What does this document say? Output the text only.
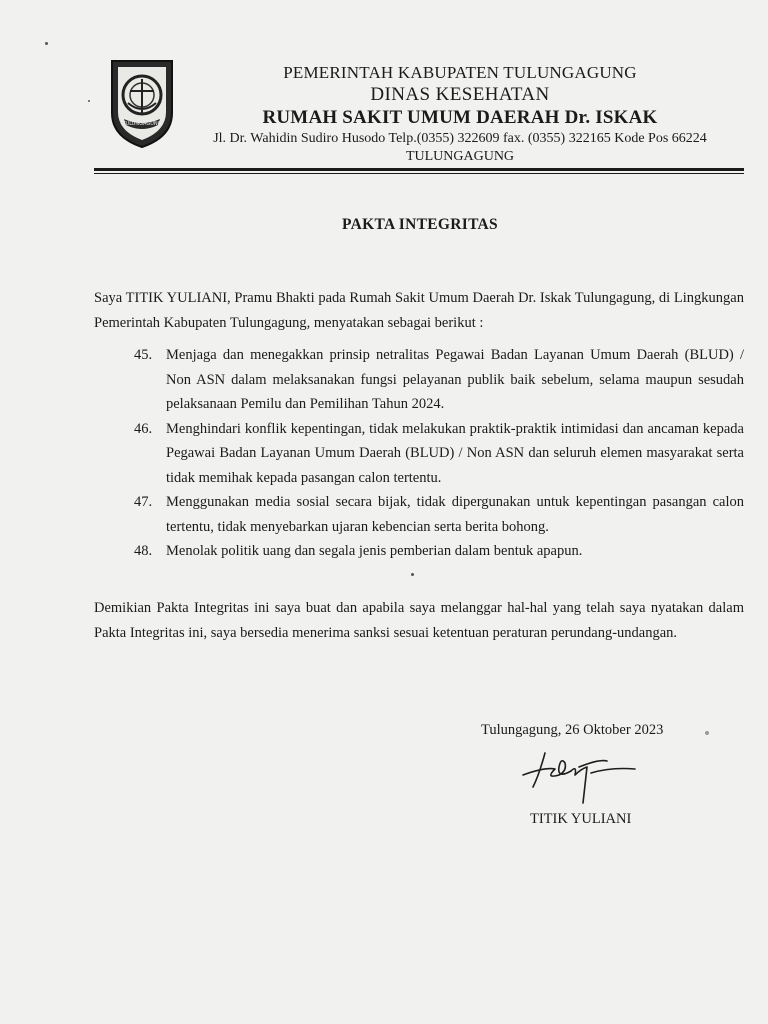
TULUNGAGUNG
PEMERINTAH KABUPATEN TULUNGAGUNG
DINAS KESEHATAN
RUMAH SAKIT UMUM DAERAH Dr. ISKAK
Jl. Dr. Wahidin Sudiro Husodo Telp.(0355) 322609 fax. (0355) 322165 Kode Pos 66224
TULUNGAGUNG
PAKTA INTEGRITAS
Saya TITIK YULIANI, Pramu Bhakti pada Rumah Sakit Umum Daerah Dr. Iskak Tulungagung, di Lingkungan Pemerintah Kabupaten Tulungagung, menyatakan sebagai berikut :
45. Menjaga dan menegakkan prinsip netralitas Pegawai Badan Layanan Umum Daerah (BLUD) / Non ASN dalam melaksanakan fungsi pelayanan publik baik sebelum, selama maupun sesudah pelaksanaan Pemilu dan Pemilihan Tahun 2024.
46. Menghindari konflik kepentingan, tidak melakukan praktik-praktik intimidasi dan ancaman kepada Pegawai Badan Layanan Umum Daerah (BLUD) / Non ASN dan seluruh elemen masyarakat serta tidak memihak kepada pasangan calon tertentu.
47. Menggunakan media sosial secara bijak, tidak dipergunakan untuk kepentingan pasangan calon tertentu, tidak menyebarkan ujaran kebencian serta berita bohong.
48. Menolak politik uang dan segala jenis pemberian dalam bentuk apapun.
Demikian Pakta Integritas ini saya buat dan apabila saya melanggar hal-hal yang telah saya nyatakan dalam Pakta Integritas ini, saya bersedia menerima sanksi sesuai ketentuan peraturan perundang-undangan.
Tulungagung, 26 Oktober 2023
TITIK YULIANI
